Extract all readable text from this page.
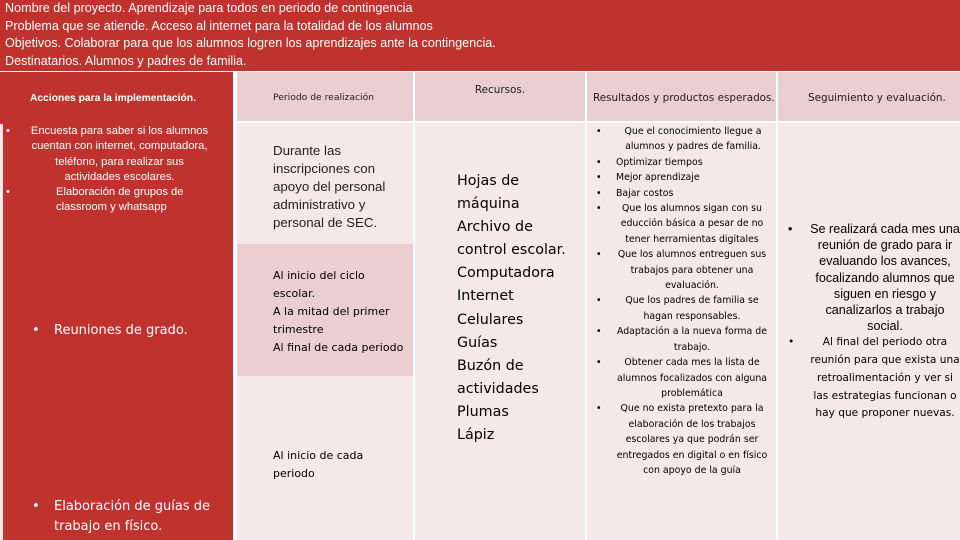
Nombre del proyecto. Aprendizaje para todos en periodo de contingencia
Problema que se atiende. Acceso al internet para la totalidad de los alumnos
Objetivos. Colaborar para que los alumnos logren los aprendizajes ante la contingencia.
Destinatarios. Alumnos y padres de familia.
Acciones para la implementación.	Periodo de realización
Recursos.
Resultados y productos esperados.	Seguimiento y evaluación.
• Encuesta para saber si los alumnos cuentan con internet, computadora, teléfono, para realizar sus actividades escolares.
• Elaboración de grupos de classroom y whatsapp
• Reuniones de grado.
• Elaboración de guías de trabajo en físico.
Durante las inscripciones con apoyo del personal administrativo y personal de SEC.
Al inicio del ciclo escolar.
A la mitad del primer trimestre
Al final de cada periodo
Al inicio de cada periodo
Hojas de
máquina
Archivo de
control escolar.
Computadora
Internet
Celulares
Guías
Buzón de
actividades
Plumas
Lápiz
• Que el conocimiento llegue a alumnos y padres de familia.
• Optimizar tiempos
• Mejor aprendizaje
• Bajar costos
• Que los alumnos sigan con su educción básica a pesar de no tener herramientas digitales
• Que los alumnos entreguen sus trabajos para obtener una evaluación.
• Que los padres de familia se hagan responsables.
• Adaptación a la nueva forma de trabajo.
• Obtener cada mes la lista de alumnos focalizados con alguna problemática
• Que no exista pretexto para la elaboración de los trabajos escolares ya que podrán ser entregados en digital o en físico con apoyo de la guía
• Se realizará cada mes una reunión de grado para ir evaluando los avances, focalizando alumnos que siguen en riesgo y canalizarlos a trabajo social.
• Al final del periodo otra reunión para que exista una retroalimentación y ver si las estrategias funcionan o hay que proponer nuevas.
